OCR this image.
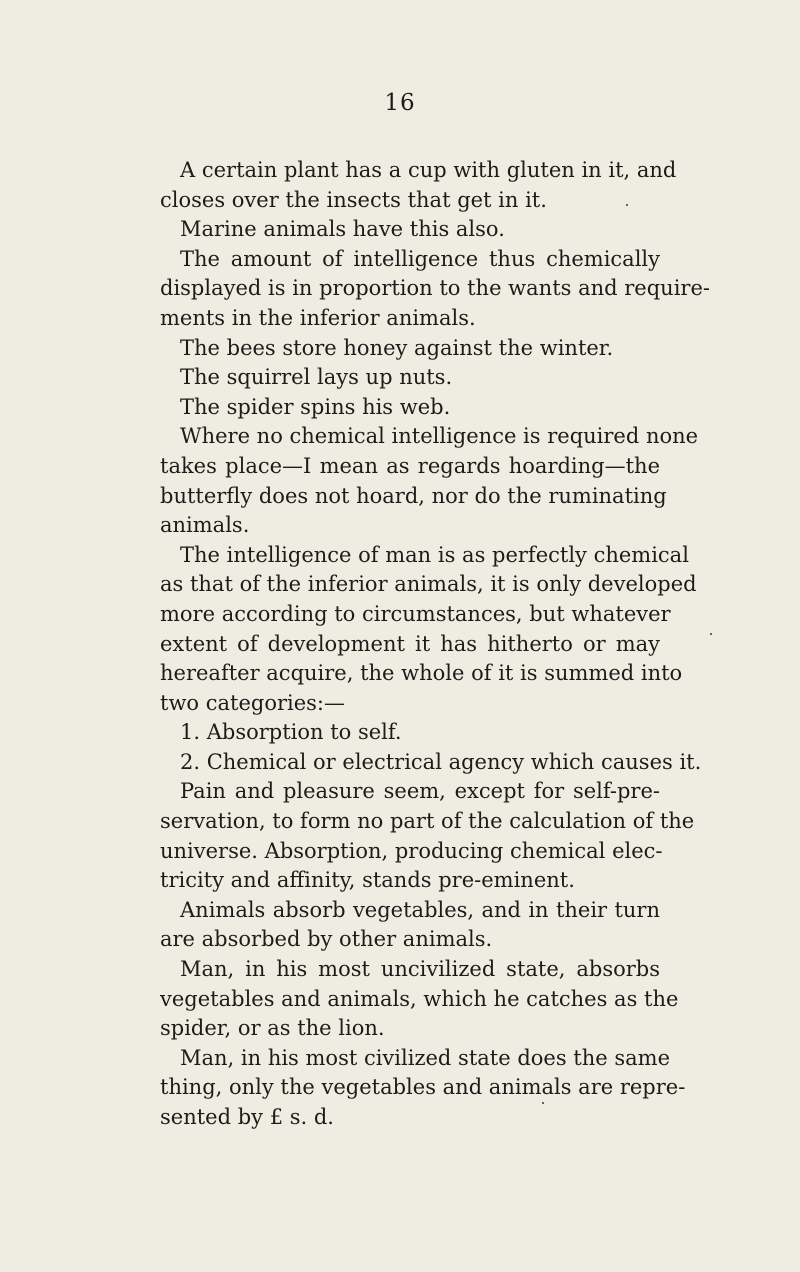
16
A certain plant has a cup with gluten in it, and
closes over the insects that get in it.
Marine animals have this also.
The amount of intelligence thus chemically
displayed is in proportion to the wants and require-
ments in the inferior animals.
The bees store honey against the winter.
The squirrel lays up nuts.
The spider spins his web.
Where no chemical intelligence is required none
takes place—I mean as regards hoarding—the
butterfly does not hoard, nor do the ruminating
animals.
The intelligence of man is as perfectly chemical
as that of the inferior animals, it is only developed
more according to circumstances, but whatever
extent of development it has hitherto or may
hereafter acquire, the whole of it is summed into
two categories:—
1. Absorption to self.
2. Chemical or electrical agency which causes it.
Pain and pleasure seem, except for self-pre-
servation, to form no part of the calculation of the
universe. Absorption, producing chemical elec-
tricity and affinity, stands pre-eminent.
Animals absorb vegetables, and in their turn
are absorbed by other animals.
Man, in his most uncivilized state, absorbs
vegetables and animals, which he catches as the
spider, or as the lion.
Man, in his most civilized state does the same
thing, only the vegetables and animals are repre-
sented by £ s. d.
